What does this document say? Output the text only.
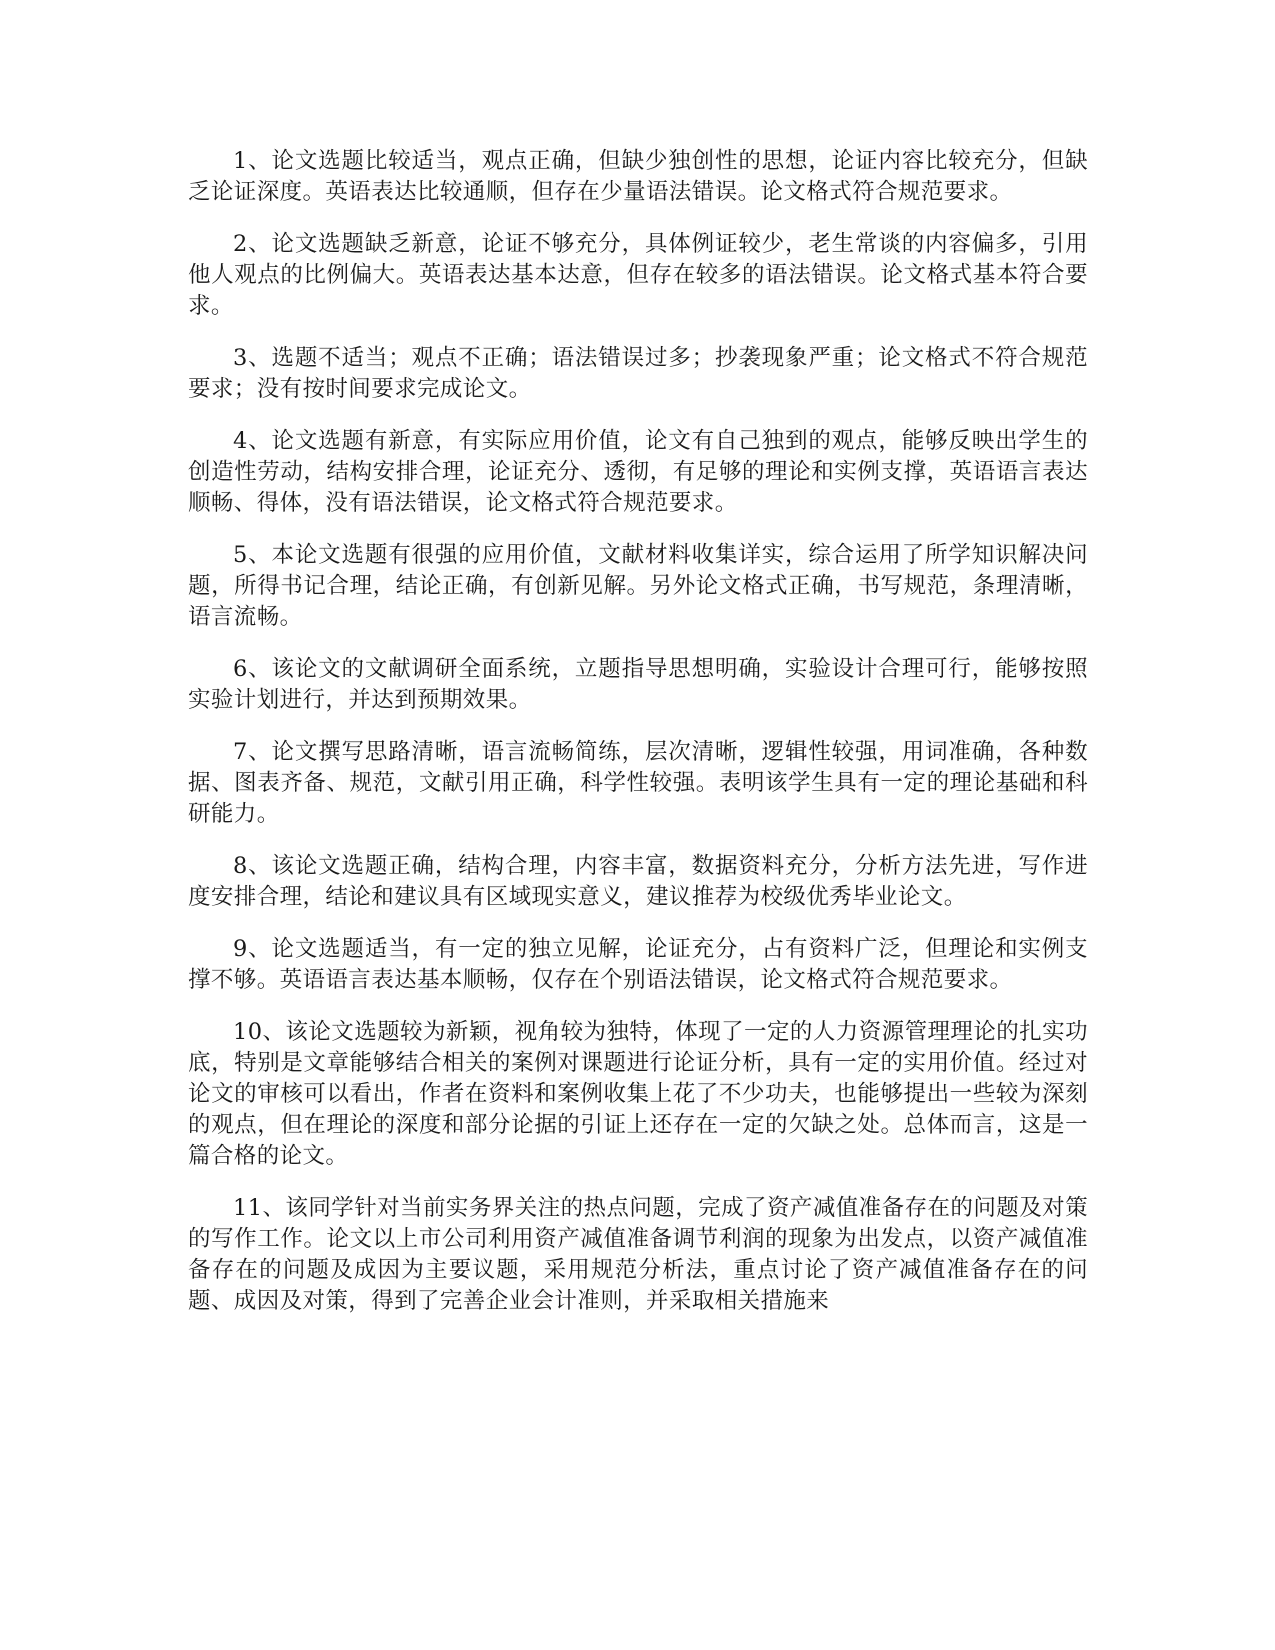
1、论文选题比较适当，观点正确，但缺少独创性的思想，论证内容比较充分，但缺乏论证深度。英语表达比较通顺，但存在少量语法错误。论文格式符合规范要求。

2、论文选题缺乏新意，论证不够充分，具体例证较少，老生常谈的内容偏多，引用他人观点的比例偏大。英语表达基本达意，但存在较多的语法错误。论文格式基本符合要求。

3、选题不适当；观点不正确；语法错误过多；抄袭现象严重；论文格式不符合规范要求；没有按时间要求完成论文。

4、论文选题有新意，有实际应用价值，论文有自己独到的观点，能够反映出学生的创造性劳动，结构安排合理，论证充分、透彻，有足够的理论和实例支撑，英语语言表达顺畅、得体，没有语法错误，论文格式符合规范要求。

5、本论文选题有很强的应用价值，文献材料收集详实，综合运用了所学知识解决问题，所得书记合理，结论正确，有创新见解。另外论文格式正确，书写规范，条理清晰，语言流畅。

6、该论文的文献调研全面系统，立题指导思想明确，实验设计合理可行，能够按照实验计划进行，并达到预期效果。

7、论文撰写思路清晰，语言流畅简练，层次清晰，逻辑性较强，用词准确，各种数据、图表齐备、规范，文献引用正确，科学性较强。表明该学生具有一定的理论基础和科研能力。

8、该论文选题正确，结构合理，内容丰富，数据资料充分，分析方法先进，写作进度安排合理，结论和建议具有区域现实意义，建议推荐为校级优秀毕业论文。

9、论文选题适当，有一定的独立见解，论证充分，占有资料广泛，但理论和实例支撑不够。英语语言表达基本顺畅，仅存在个别语法错误，论文格式符合规范要求。

10、该论文选题较为新颖，视角较为独特，体现了一定的人力资源管理理论的扎实功底，特别是文章能够结合相关的案例对课题进行论证分析，具有一定的实用价值。经过对论文的审核可以看出，作者在资料和案例收集上花了不少功夫，也能够提出一些较为深刻的观点，但在理论的深度和部分论据的引证上还存在一定的欠缺之处。总体而言，这是一篇合格的论文。

11、该同学针对当前实务界关注的热点问题，完成了资产减值准备存在的问题及对策的写作工作。论文以上市公司利用资产减值准备调节利润的现象为出发点，以资产减值准备存在的问题及成因为主要议题，采用规范分析法，重点讨论了资产减值准备存在的问题、成因及对策，得到了完善企业会计准则，并采取相关措施来
